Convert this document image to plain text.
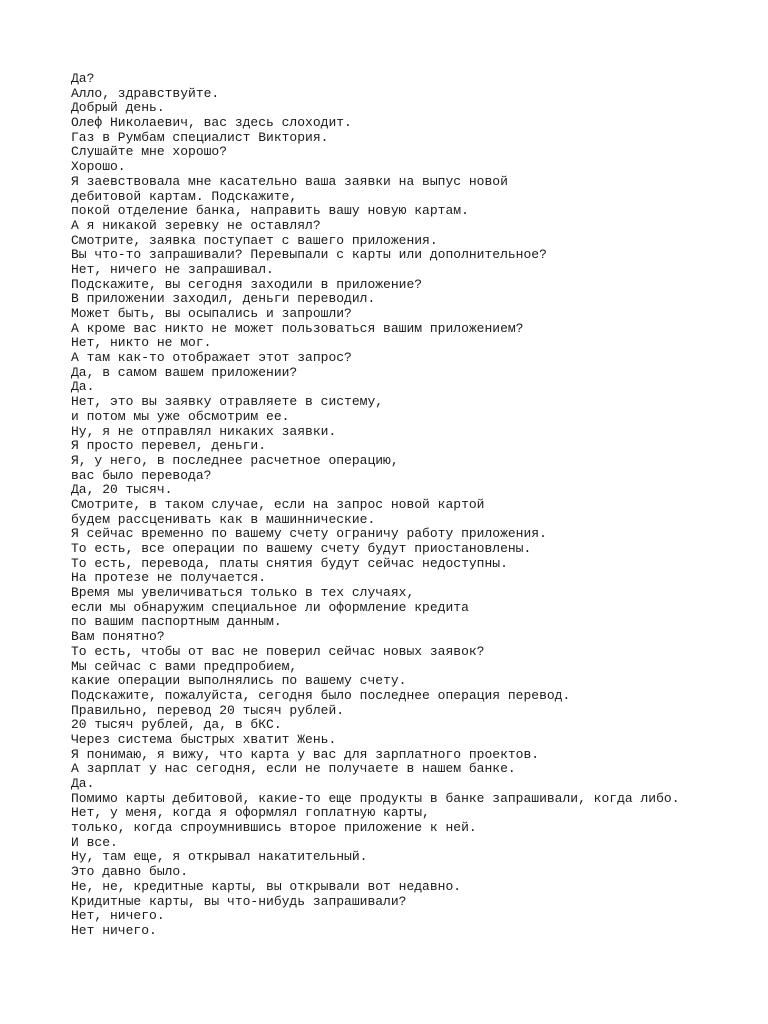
Да?
Алло, здравствуйте.
Добрый день.
Олеф Николаевич, вас здесь слоходит.
Газ в Румбам специалист Виктория.
Слушайте мне хорошо?
Хорошо.
Я заевствовала мне касательно ваша заявки на выпус новой
дебитовой картам. Подскажите,
покой отделение банка, направить вашу новую картам.
А я никакой зеревку не оставлял?
Смотрите, заявка поступает с вашего приложения.
Вы что-то запрашивали? Перевыпали с карты или дополнительное?
Нет, ничего не запрашивал.
Подскажите, вы сегодня заходили в приложение?
В приложении заходил, деньги переводил.
Может быть, вы осыпались и запрошли?
А кроме вас никто не может пользоваться вашим приложением?
Нет, никто не мог.
А там как-то отображает этот запрос?
Да, в самом вашем приложении?
Да.
Нет, это вы заявку отравляете в систему,
и потом мы уже обсмотрим ее.
Ну, я не отправлял никаких заявки.
Я просто перевел, деньги.
Я, у него, в последнее расчетное операцию,
вас было перевода?
Да, 20 тысяч.
Смотрите, в таком случае, если на запрос новой картой
будем рассценивать как в машиннические.
Я сейчас временно по вашему счету ограничу работу приложения.
То есть, все операции по вашему счету будут приостановлены.
То есть, перевода, платы снятия будут сейчас недоступны.
На протезе не получается.
Время мы увеличиваться только в тех случаях,
если мы обнаружим специальное ли оформление кредита
по вашим паспортным данным.
Вам понятно?
То есть, чтобы от вас не поверил сейчас новых заявок?
Мы сейчас с вами предпробием,
какие операции выполнялись по вашему счету.
Подскажите, пожалуйста, сегодня было последнее операция перевод.
Правильно, перевод 20 тысяч рублей.
20 тысяч рублей, да, в бКС.
Через система быстрых хватит Жень.
Я понимаю, я вижу, что карта у вас для зарплатного проектов.
А зарплат у нас сегодня, если не получаете в нашем банке.
Да.
Помимо карты дебитовой, какие-то еще продукты в банке запрашивали, когда либо.
Нет, у меня, когда я оформлял гоплатную карты,
только, когда спроумнившись второе приложение к ней.
И все.
Ну, там еще, я открывал накатительный.
Это давно было.
Не, не, кредитные карты, вы открывали вот недавно.
Кридитные карты, вы что-нибудь запрашивали?
Нет, ничего.
Нет ничего.
